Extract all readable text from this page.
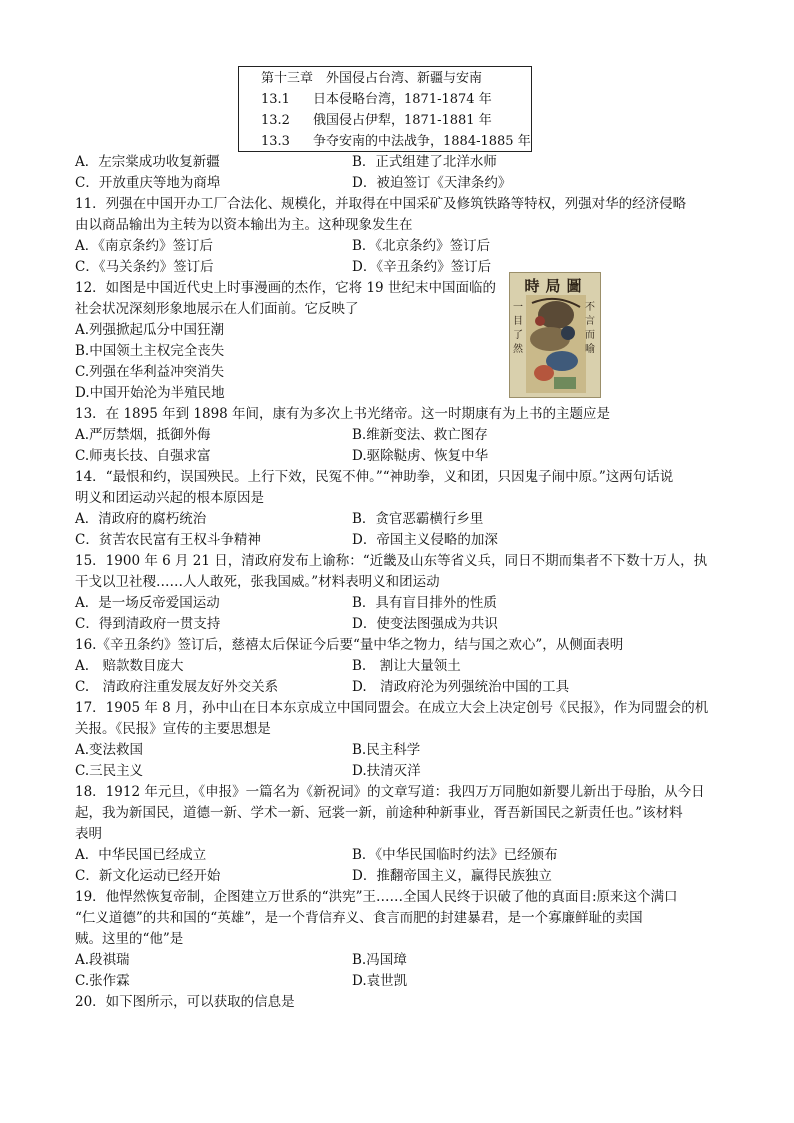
第十三章　外国侵占台湾、新疆与安南
13.1 日本侵略台湾，1871-1874 年
13.2 俄国侵占伊犁，1871-1881 年
13.3 争夺安南的中法战争，1884-1885 年
A．左宗棠成功收复新疆	B．正式组建了北洋水师
C．开放重庆等地为商埠	D．被迫签订《天津条约》
11．列强在中国开办工厂合法化、规模化，并取得在中国采矿及修筑铁路等特权，列强对华的经济侵略
由以商品输出为主转为以资本输出为主。这种现象发生在
A．《南京条约》签订后	B．《北京条约》签订后
C．《马关条约》签订后	D．《辛丑条约》签订后
12．如图是中国近代史上时事漫画的杰作，它将 19 世纪末中国面临的
社会状况深刻形象地展示在人们面前。它反映了
A.列强掀起瓜分中国狂潮
B.中国领土主权完全丧失
C.列强在华利益冲突消失
D.中国开始沦为半殖民地
時局圖
一目了然
不言而喻
13．在 1895 年到 1898 年间，康有为多次上书光绪帝。这一时期康有为上书的主题应是
A.严厉禁烟，抵御外侮	B.维新变法、救亡图存
C.师夷长技、自强求富	D.驱除鞑虏、恢复中华
14．“最恨和约，误国殃民。上行下效，民冤不伸。”“神助拳，义和团，只因鬼子闹中原。”这两句话说
明义和团运动兴起的根本原因是
A．清政府的腐朽统治	B．贪官恶霸横行乡里
C．贫苦农民富有王权斗争精神	D．帝国主义侵略的加深
15．1900 年 6 月 21 日，清政府发布上谕称：“近畿及山东等省义兵，同日不期而集者不下数十万人，执
干戈以卫社稷……人人敢死，张我国威。”材料表明义和团运动
A．是一场反帝爱国运动	B．具有盲目排外的性质
C．得到清政府一贯支持	D．使变法图强成为共识
16.《辛丑条约》签订后，慈禧太后保证今后要“量中华之物力，结与国之欢心”，从侧面表明
A.　赔款数目庞大	B.　割让大量领土
C.　清政府注重发展友好外交关系	D.　清政府沦为列强统治中国的工具
17．1905 年 8 月，孙中山在日本东京成立中国同盟会。在成立大会上决定创号《民报》，作为同盟会的机
关报。《民报》宣传的主要思想是
A.变法救国	B.民主科学
C.三民主义	D.扶清灭洋
18．1912 年元旦，《申报》一篇名为《新祝词》的文章写道：我四万万同胞如新婴儿新出于母胎，从今日
起，我为新国民，道德一新、学术一新、冠裳一新，前途种种新事业，胥吾新国民之新责任也。”该材料
表明
A．中华民国已经成立	B．《中华民国临时约法》已经颁布
C．新文化运动已经开始	D．推翻帝国主义，赢得民族独立
19．他悍然恢复帝制，企图建立万世系的“洪宪”王……全国人民终于识破了他的真面目:原来这个满口
“仁义道德”的共和国的“英雄”，是一个背信弃义、食言而肥的封建暴君，是一个寡廉鲜耻的卖国
贼。这里的“他”是
A.段祺瑞	B.冯国璋
C.张作霖	D.袁世凯
20．如下图所示，可以获取的信息是
